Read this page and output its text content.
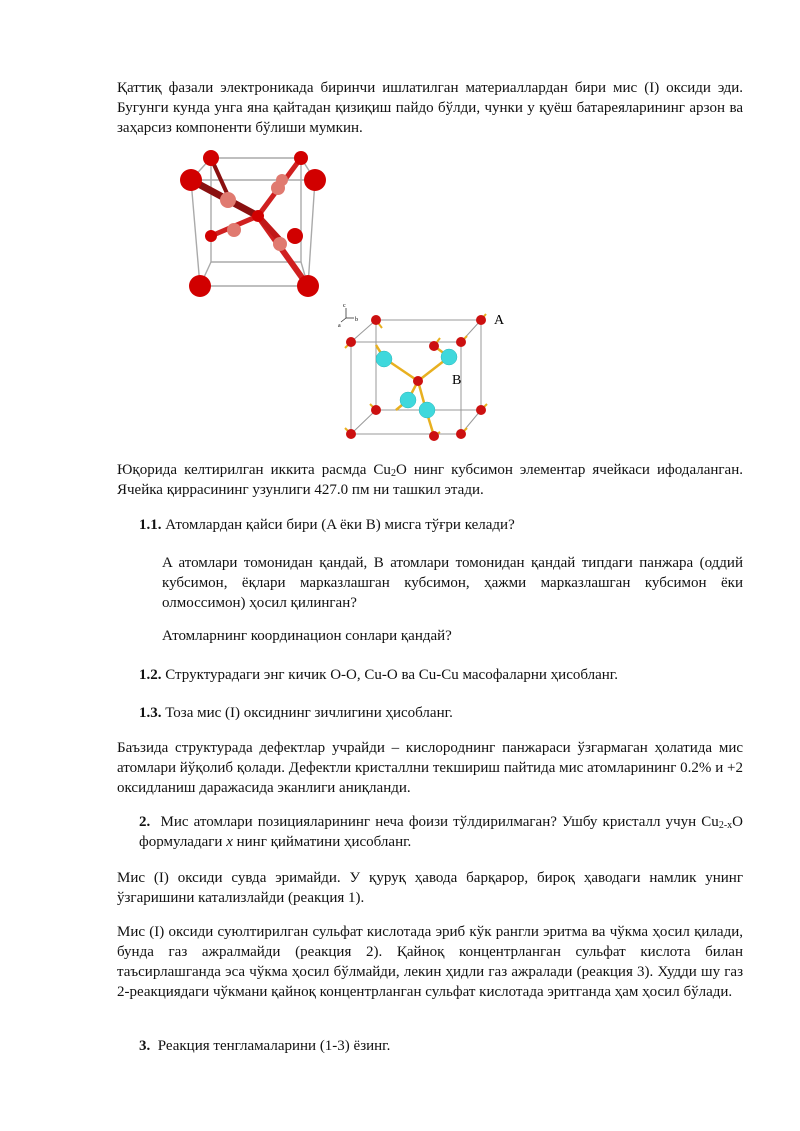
Қаттиқ фазали электроникада биринчи ишлатилган материаллардан бири мис (I) оксиди эди. Бугунги кунда унга яна қайтадан қизиқиш пайдо бўлди, чунки у қуёш батареяларининг арзон ва заҳарсиз компоненти бўлиши мумкин.

c
b
a	A
B

Юқорида келтирилган иккита расмда $Cu_2O$ нинг кубсимон элементар ячейкаси ифодаланган. Ячейка қиррасининг узунлиги 427.0 пм ни ташкил этади.

1.1. Атомлардан қайси бири (A ёки B) мисга тўғри келади?

A атомлари томонидан қандай, B атомлари томонидан қандай типдаги панжара (оддий кубсимон, ёқлари марказлашган кубсимон, ҳажми марказлашган кубсимон ёки олмоссимон) ҳосил қилинган?

Атомларнинг координацион сонлари қандай?

1.2. Структурадаги энг кичик O-O, Cu-O ва Cu-Cu масофаларни ҳисобланг.

1.3. Тоза мис (I) оксиднинг зичлигини ҳисобланг.

Баъзида структурада дефектлар учрайди – кислороднинг панжараси ўзгармаган ҳолатида мис атомлари йўқолиб қолади. Дефектли кристаллни текшириш пайтида мис атомларининг 0.2% и +2 оксидланиш даражасида эканлиги аниқланди.

2. Мис атомлари позицияларининг неча фоизи тўлдирилмаган? Ушбу кристалл учун $Cu_{2-x}O$ формуладаги x нинг қийматини ҳисобланг.

Мис (I) оксиди сувда эримайди. У қуруқ ҳавода барқарор, бироқ ҳаводаги намлик унинг ўзгаришини катализлайди (реакция 1).

Мис (I) оксиди суюлтирилган сульфат кислотада эриб кўк рангли эритма ва чўкма ҳосил қилади, бунда газ ажралмайди (реакция 2). Қайноқ концентрланган сульфат кислота билан таъсирлашганда эса чўкма ҳосил бўлмайди, лекин ҳидли газ ажралади (реакция 3). Худди шу газ 2-реакциядаги чўкмани қайноқ концентрланган сульфат кислотада эритганда ҳам ҳосил бўлади.

3. Реакция тенгламаларини (1-3) ёзинг.
